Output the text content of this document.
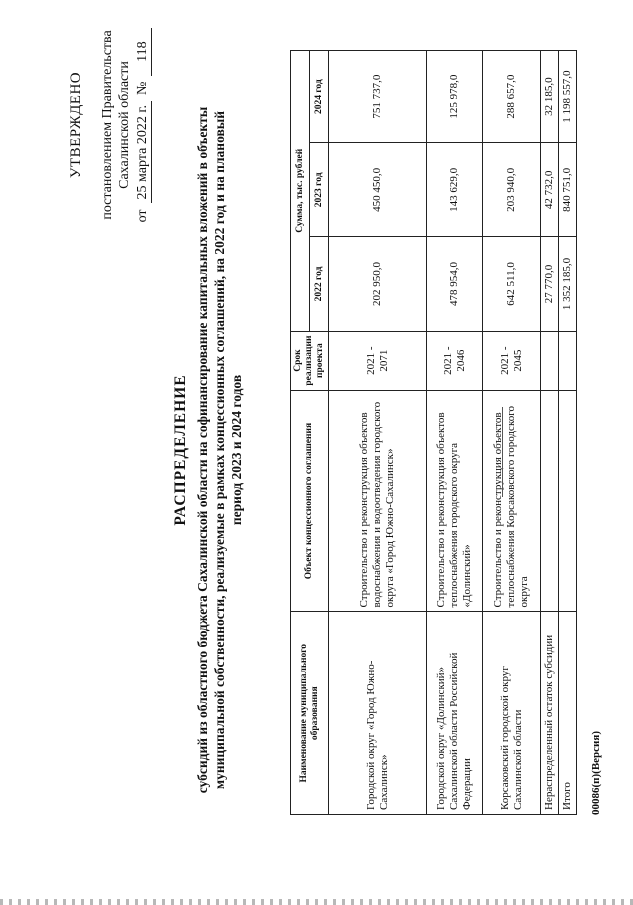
УТВЕРЖДЕНО постановлением Правительства Сахалинской области
от
25 марта 2022 г.
№
118
РАСПРЕДЕЛЕНИЕ субсидий из областного бюджета Сахалинской области на софинансирование капитальных вложений в объекты муниципальной собственности, реализуемые в рамках концессионных соглашений, на 2022 год и на плановый период 2023 и 2024 годов
Наименование муниципального образования	Объект концессионного соглашения	Срок реализации проекта	Сумма, тыс. рублей		
			2022 год	2023 год	2024 год
Городской округ «Город Южно-Сахалинск»	Строительство и реконструкция объектов водоснабжения и водоотведения городского округа «Город Южно-Сахалинск»	2021 - 2071	202 950,0	450 450,0	751 737,0
Городской округ «Долинский» Сахалинской области Российской Федерации	Строительство и реконструкция объектов теплоснабжения городского округа «Долинский»	2021 - 2046	478 954,0	143 629,0	125 978,0
Корсаковский городской округ Сахалинской области	Строительство и реконструкция объектов теплоснабжения Корсаковского городского округа	2021 - 2045	642 511,0	203 940,0	288 657,0
Нераспределенный остаток субсидии			27 770,0	42 732,0	32 185,0
Итого			1 352 185,0	840 751,0	1 198 557,0
00086(п)(Версия)
